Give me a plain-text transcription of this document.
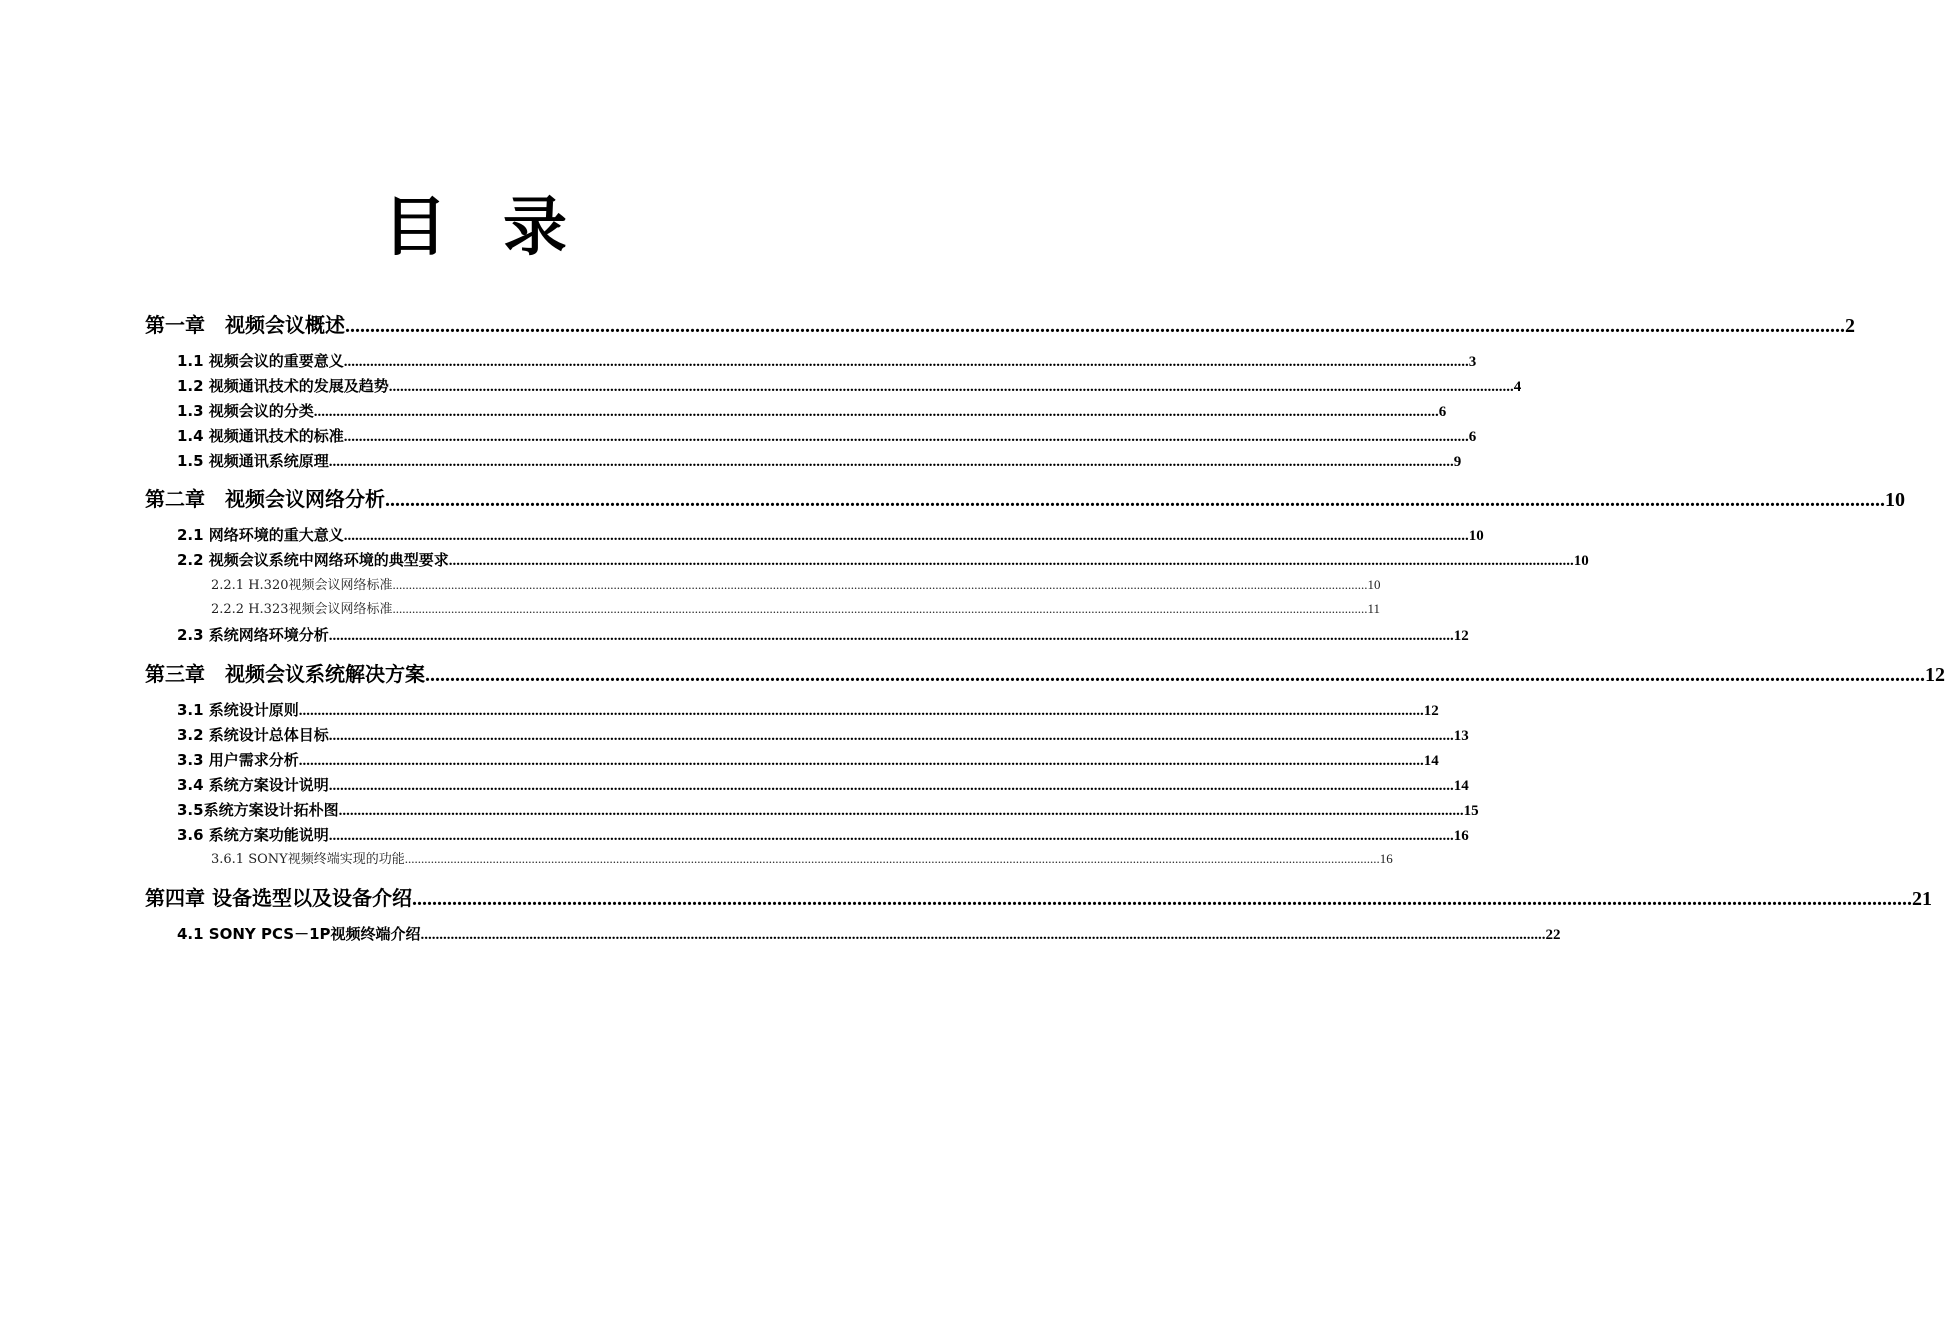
目 录
第一章　视频会议概述 ............................................................................................................................................................................................................................................................................................................ 2
1.1 视频会议的重要意义 ............................................................................................................................................................................................................................................................................................................ 3
1.2 视频通讯技术的发展及趋势 ............................................................................................................................................................................................................................................................................................................ 4
1.3 视频会议的分类 ............................................................................................................................................................................................................................................................................................................ 6
1.4 视频通讯技术的标准 ............................................................................................................................................................................................................................................................................................................ 6
1.5 视频通讯系统原理 ............................................................................................................................................................................................................................................................................................................ 9
第二章　视频会议网络分析 ............................................................................................................................................................................................................................................................................................................ 10
2.1 网络环境的重大意义 ............................................................................................................................................................................................................................................................................................................ 10
2.2 视频会议系统中网络环境的典型要求 ............................................................................................................................................................................................................................................................................................................ 10
2.2.1 H.320视频会议网络标准 ............................................................................................................................................................................................................................................................................................................ 10
2.2.2 H.323视频会议网络标准 ............................................................................................................................................................................................................................................................................................................ 11
2.3 系统网络环境分析 ............................................................................................................................................................................................................................................................................................................ 12
第三章　视频会议系统解决方案 ............................................................................................................................................................................................................................................................................................................ 12
3.1 系统设计原则 ............................................................................................................................................................................................................................................................................................................ 12
3.2 系统设计总体目标 ............................................................................................................................................................................................................................................................................................................ 13
3.3 用户需求分析 ............................................................................................................................................................................................................................................................................................................ 14
3.4 系统方案设计说明 ............................................................................................................................................................................................................................................................................................................ 14
3.5系统方案设计拓朴图 ............................................................................................................................................................................................................................................................................................................ 15
3.6 系统方案功能说明 ............................................................................................................................................................................................................................................................................................................ 16
3.6.1 SONY视频终端实现的功能 ............................................................................................................................................................................................................................................................................................................ 16
第四章 设备选型以及设备介绍 ............................................................................................................................................................................................................................................................................................................ 21
4.1 SONY PCS－1P视频终端介绍 ............................................................................................................................................................................................................................................................................................................ 22
